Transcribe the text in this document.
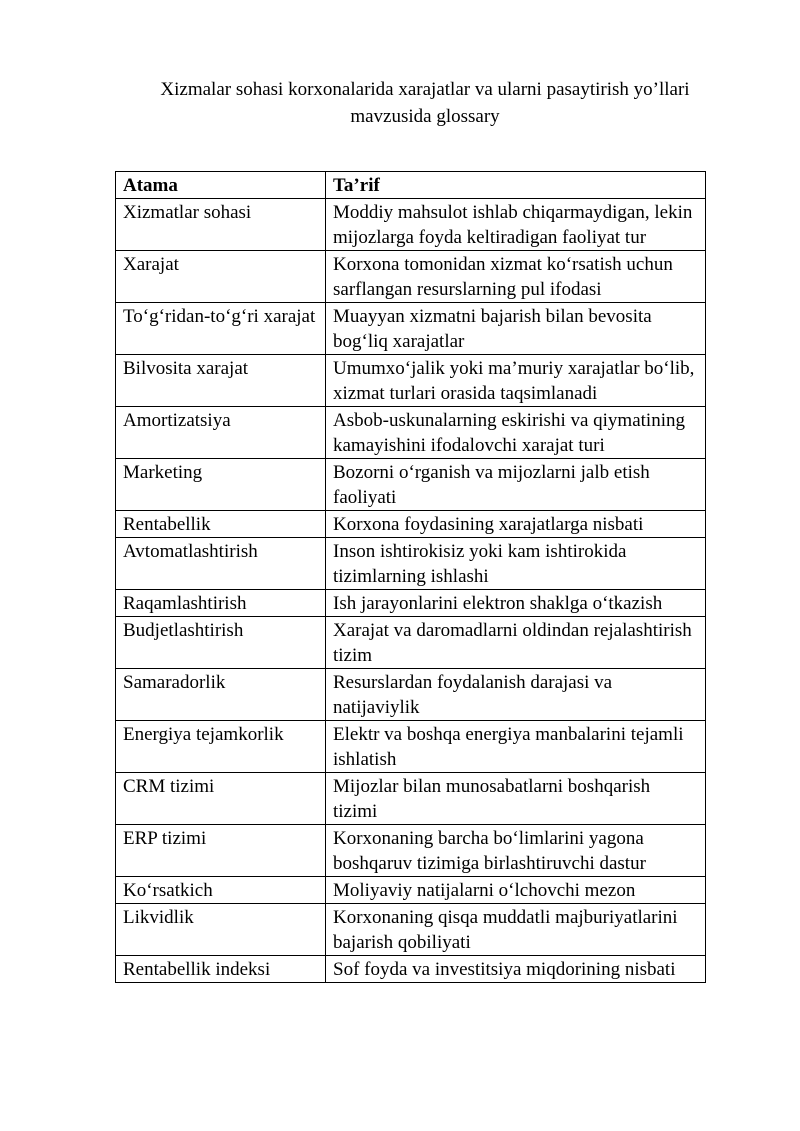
Xizmalar sohasi korxonalarida xarajatlar va ularni pasaytirish yo’llari
mavzusida glossary
Atama	Ta’rif
Xizmatlar sohasi	Moddiy mahsulot ishlab chiqarmaydigan, lekin mijozlarga foyda keltiradigan faoliyat tur
Xarajat	Korxona tomonidan xizmat ko‘rsatish uchun sarflangan resurslarning pul ifodasi
To‘g‘ridan-to‘g‘ri xarajat	Muayyan xizmatni bajarish bilan bevosita bog‘liq xarajatlar
Bilvosita xarajat	Umumxo‘jalik yoki ma’muriy xarajatlar bo‘lib, xizmat turlari orasida taqsimlanadi
Amortizatsiya	Asbob-uskunalarning eskirishi va qiymatining kamayishini ifodalovchi xarajat turi
Marketing	Bozorni o‘rganish va mijozlarni jalb etish faoliyati
Rentabellik	Korxona foydasining xarajatlarga nisbati
Avtomatlashtirish	Inson ishtirokisiz yoki kam ishtirokida tizimlarning ishlashi
Raqamlashtirish	Ish jarayonlarini elektron shaklga o‘tkazish
Budjetlashtirish	Xarajat va daromadlarni oldindan rejalashtirish tizim
Samaradorlik	Resurslardan foydalanish darajasi va natijaviylik
Energiya tejamkorlik	Elektr va boshqa energiya manbalarini tejamli ishlatish
CRM tizimi	Mijozlar bilan munosabatlarni boshqarish tizimi
ERP tizimi	Korxonaning barcha bo‘limlarini yagona boshqaruv tizimiga birlashtiruvchi dastur
Ko‘rsatkich	Moliyaviy natijalarni o‘lchovchi mezon
Likvidlik	Korxonaning qisqa muddatli majburiyatlarini bajarish qobiliyati
Rentabellik indeksi	Sof foyda va investitsiya miqdorining nisbati
